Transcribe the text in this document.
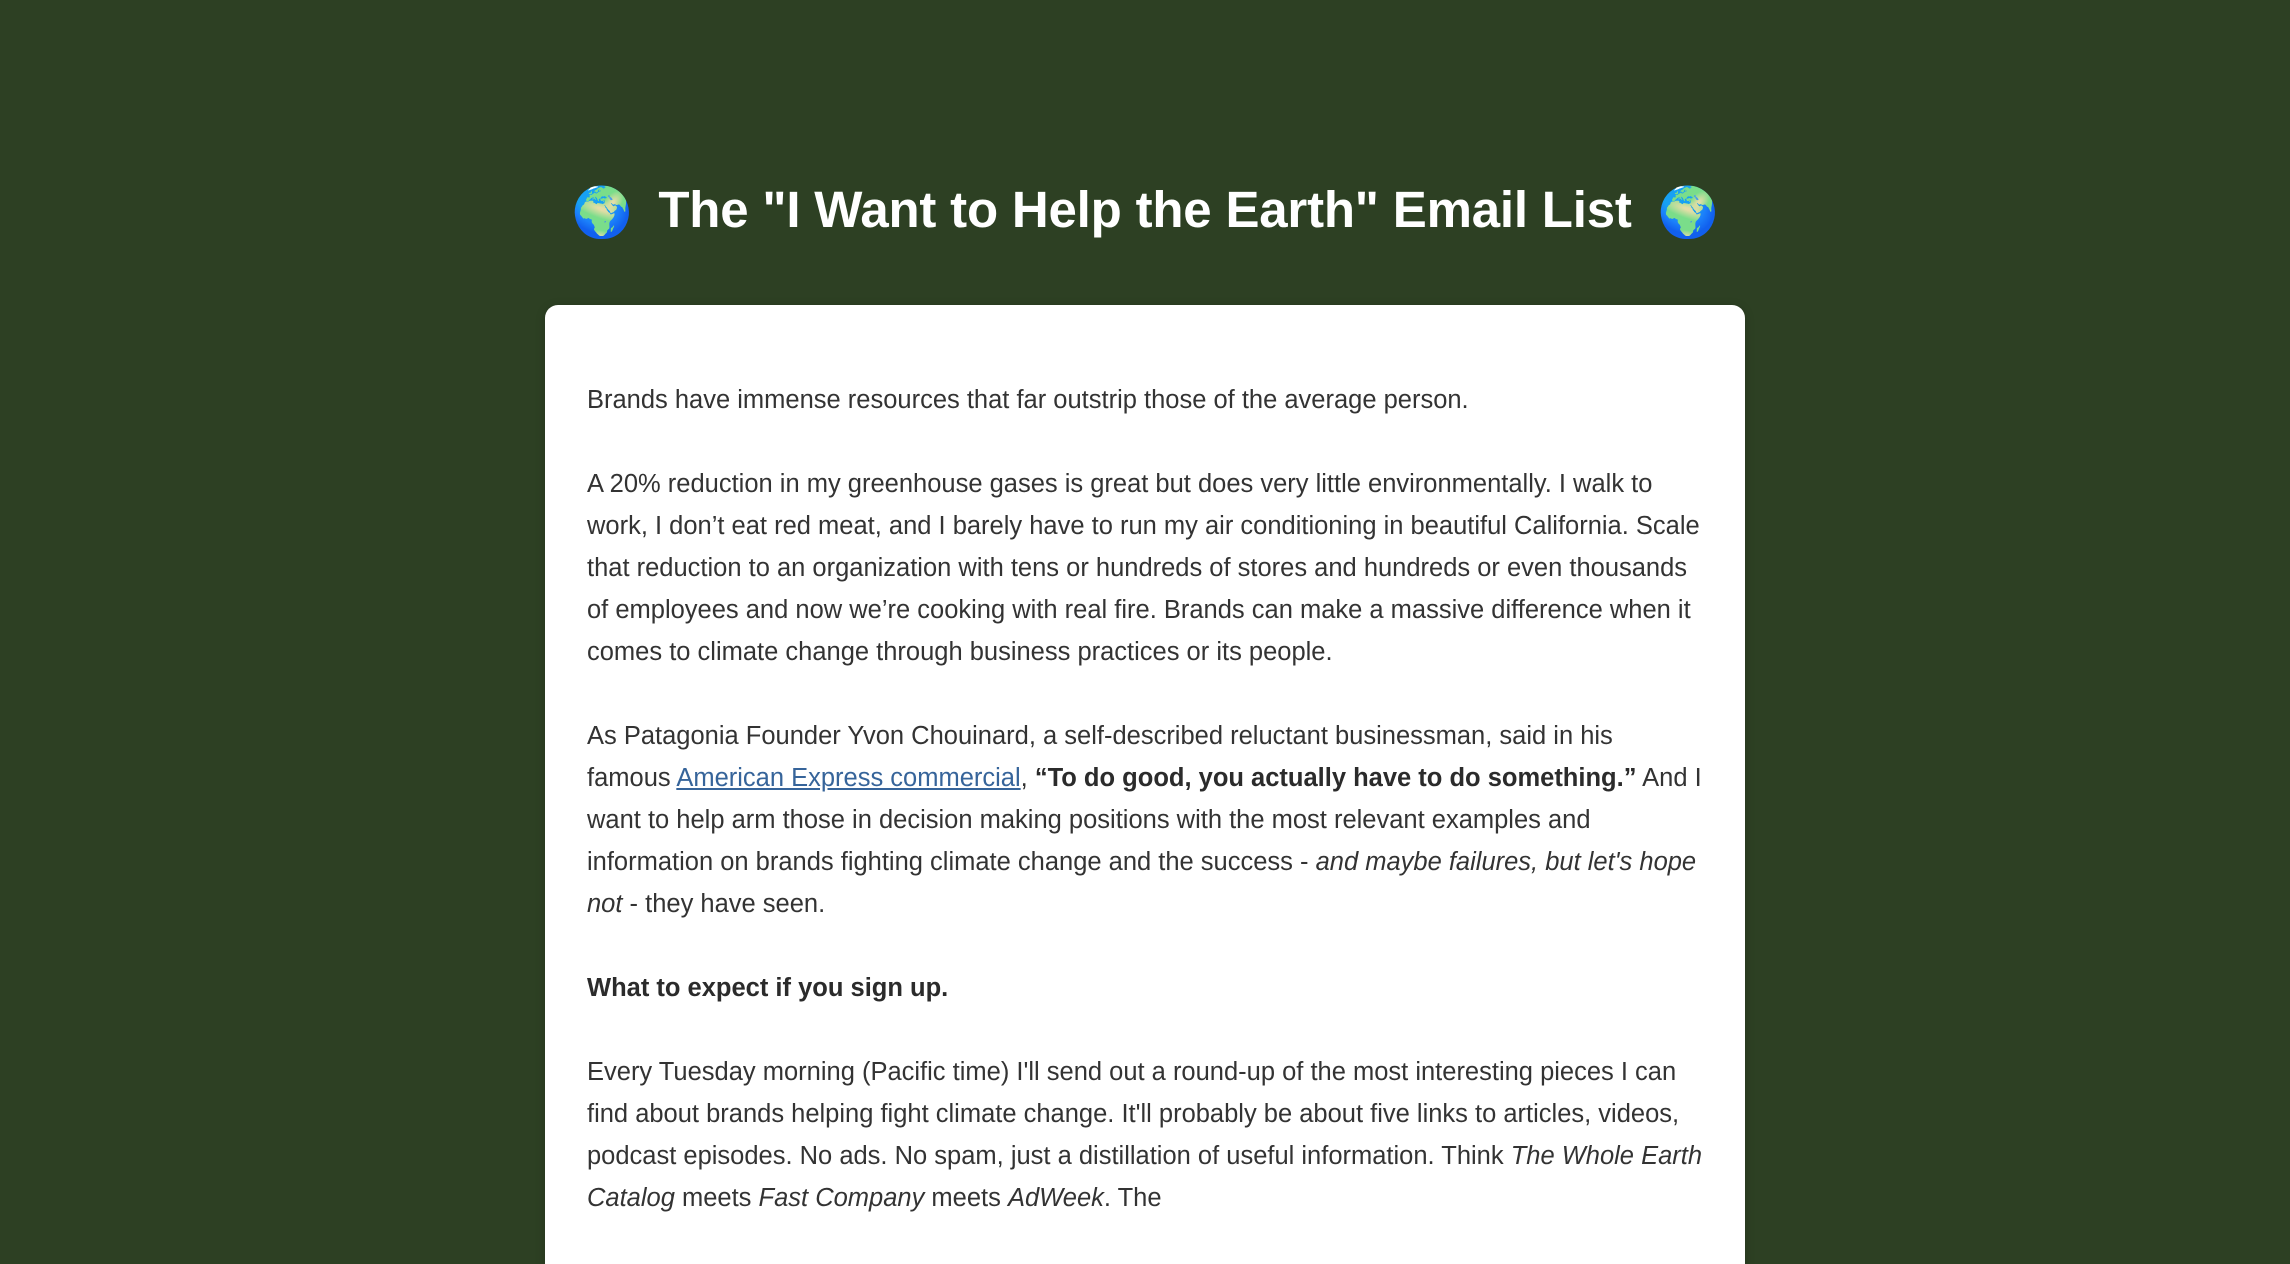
🌍 The "I Want to Help the Earth" Email List 🌍

Brands have immense resources that far outstrip those of the average person.

A 20% reduction in my greenhouse gases is great but does very little environmentally. I walk to work, I don’t eat red meat, and I barely have to run my air conditioning in beautiful California. Scale that reduction to an organization with tens or hundreds of stores and hundreds or even thousands of employees and now we’re cooking with real fire. Brands can make a massive difference when it comes to climate change through business practices or its people.

As Patagonia Founder Yvon Chouinard, a self-described reluctant businessman, said in his famous American Express commercial, “To do good, you actually have to do something.” And I want to help arm those in decision making positions with the most relevant examples and information on brands fighting climate change and the success - and maybe failures, but let's hope not - they have seen.

What to expect if you sign up.

Every Tuesday morning (Pacific time) I'll send out a round-up of the most interesting pieces I can find about brands helping fight climate change. It'll probably be about five links to articles, videos, podcast episodes. No ads. No spam, just a distillation of useful information. Think The Whole Earth Catalog meets Fast Company meets AdWeek. The
